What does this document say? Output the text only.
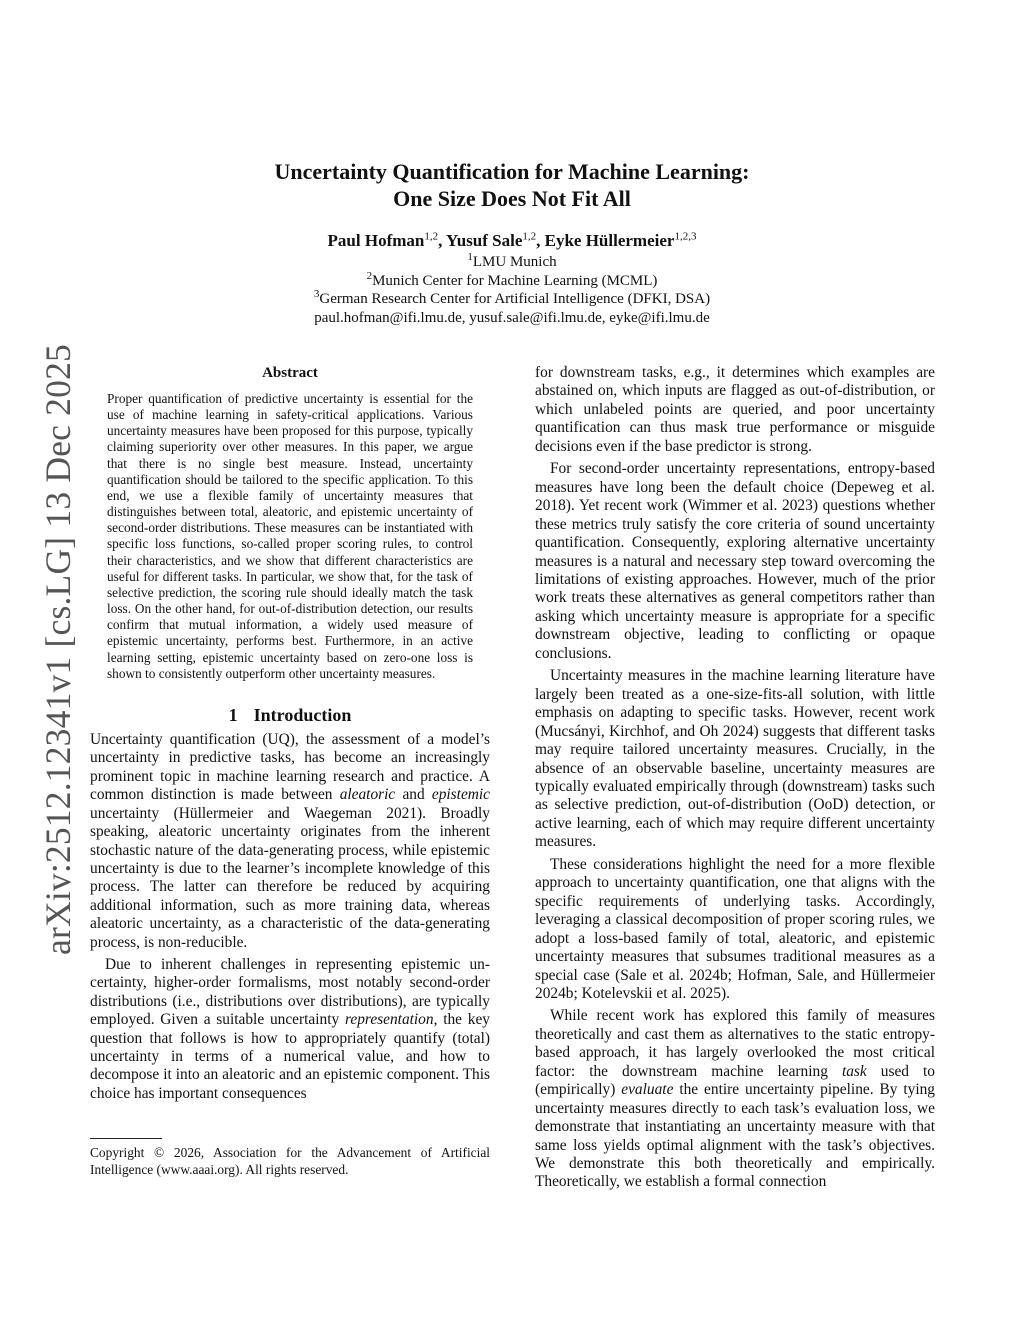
arXiv:2512.12341v1 [cs.LG] 13 Dec 2025
Uncertainty Quantification for Machine Learning:
One Size Does Not Fit All
Paul Hofman$^{1,2}$, Yusuf Sale$^{1,2}$, Eyke Hüllermeier$^{1,2,3}$
$^1$LMU Munich
$^2$Munich Center for Machine Learning (MCML)
$^3$German Research Center for Artificial Intelligence (DFKI, DSA)
paul.hofman@ifi.lmu.de, yusuf.sale@ifi.lmu.de, eyke@ifi.lmu.de
Abstract
Proper quantification of predictive uncertainty is essential for the use of machine learning in safety-critical applications. Various uncertainty measures have been proposed for this purpose, typically claiming superiority over other measures. In this paper, we argue that there is no single best measure. Instead, uncertainty quantification should be tailored to the specific application. To this end, we use a flexible family of uncertainty measures that distinguishes between total, aleatoric, and epistemic uncertainty of second-order distributions. These measures can be instantiated with specific loss functions, so-called proper scoring rules, to control their characteristics, and we show that different characteristics are useful for different tasks. In particular, we show that, for the task of selective prediction, the scoring rule should ideally match the task loss. On the other hand, for out-of-distribution detection, our results confirm that mutual information, a widely used measure of epistemic uncertainty, performs best. Furthermore, in an active learning setting, epistemic uncertainty based on zero-one loss is shown to consistently outperform other uncertainty measures.
1 Introduction

Uncertainty quantification (UQ), the assessment of a model’s uncertainty in predictive tasks, has become an increasingly prominent topic in machine learning research and practice. A common distinction is made between aleatoric and epistemic uncertainty (Hüllermeier and Waegeman 2021). Broadly speaking, aleatoric uncertainty originates from the inherent stochastic nature of the data-generating process, while epistemic uncertainty is due to the learner’s incomplete knowledge of this process. The latter can therefore be reduced by acquiring additional information, such as more training data, whereas aleatoric uncertainty, as a characteristic of the data-generating process, is non-reducible.

Due to inherent challenges in representing epistemic uncertainty, higher-order formalisms, most notably second-order distributions (i.e., distributions over distributions), are typically employed. Given a suitable uncertainty representation, the key question that follows is how to appropriately quantify (total) uncertainty in terms of a numerical value, and how to decompose it into an aleatoric and an epistemic component. This choice has important consequences

Copyright © 2026, Association for the Advancement of Artificial Intelligence (www.aaai.org). All rights reserved.

for downstream tasks, e.g., it determines which examples are abstained on, which inputs are flagged as out-of-distribution, or which unlabeled points are queried, and poor uncertainty quantification can thus mask true performance or misguide decisions even if the base predictor is strong.

For second-order uncertainty representations, entropy-based measures have long been the default choice (Depeweg et al. 2018). Yet recent work (Wimmer et al. 2023) questions whether these metrics truly satisfy the core criteria of sound uncertainty quantification. Consequently, exploring alternative uncertainty measures is a natural and necessary step toward overcoming the limitations of existing approaches. However, much of the prior work treats these alternatives as general competitors rather than asking which uncertainty measure is appropriate for a specific downstream objective, leading to conflicting or opaque conclusions.

Uncertainty measures in the machine learning literature have largely been treated as a one-size-fits-all solution, with little emphasis on adapting to specific tasks. However, recent work (Mucsányi, Kirchhof, and Oh 2024) suggests that different tasks may require tailored uncertainty measures. Crucially, in the absence of an observable baseline, uncertainty measures are typically evaluated empirically through (downstream) tasks such as selective prediction, out-of-distribution (OoD) detection, or active learning, each of which may require different uncertainty measures.

These considerations highlight the need for a more flexible approach to uncertainty quantification, one that aligns with the specific requirements of underlying tasks. Accordingly, leveraging a classical decomposition of proper scoring rules, we adopt a loss-based family of total, aleatoric, and epistemic uncertainty measures that subsumes traditional measures as a special case (Sale et al. 2024b; Hofman, Sale, and Hüllermeier 2024b; Kotelevskii et al. 2025).

While recent work has explored this family of measures theoretically and cast them as alternatives to the static entropy-based approach, it has largely overlooked the most critical factor: the downstream machine learning task used to (empirically) evaluate the entire uncertainty pipeline. By tying uncertainty measures directly to each task’s evaluation loss, we demonstrate that instantiating an uncertainty measure with that same loss yields optimal alignment with the task’s objectives. We demonstrate this both theoretically and empirically. Theoretically, we establish a formal connection
